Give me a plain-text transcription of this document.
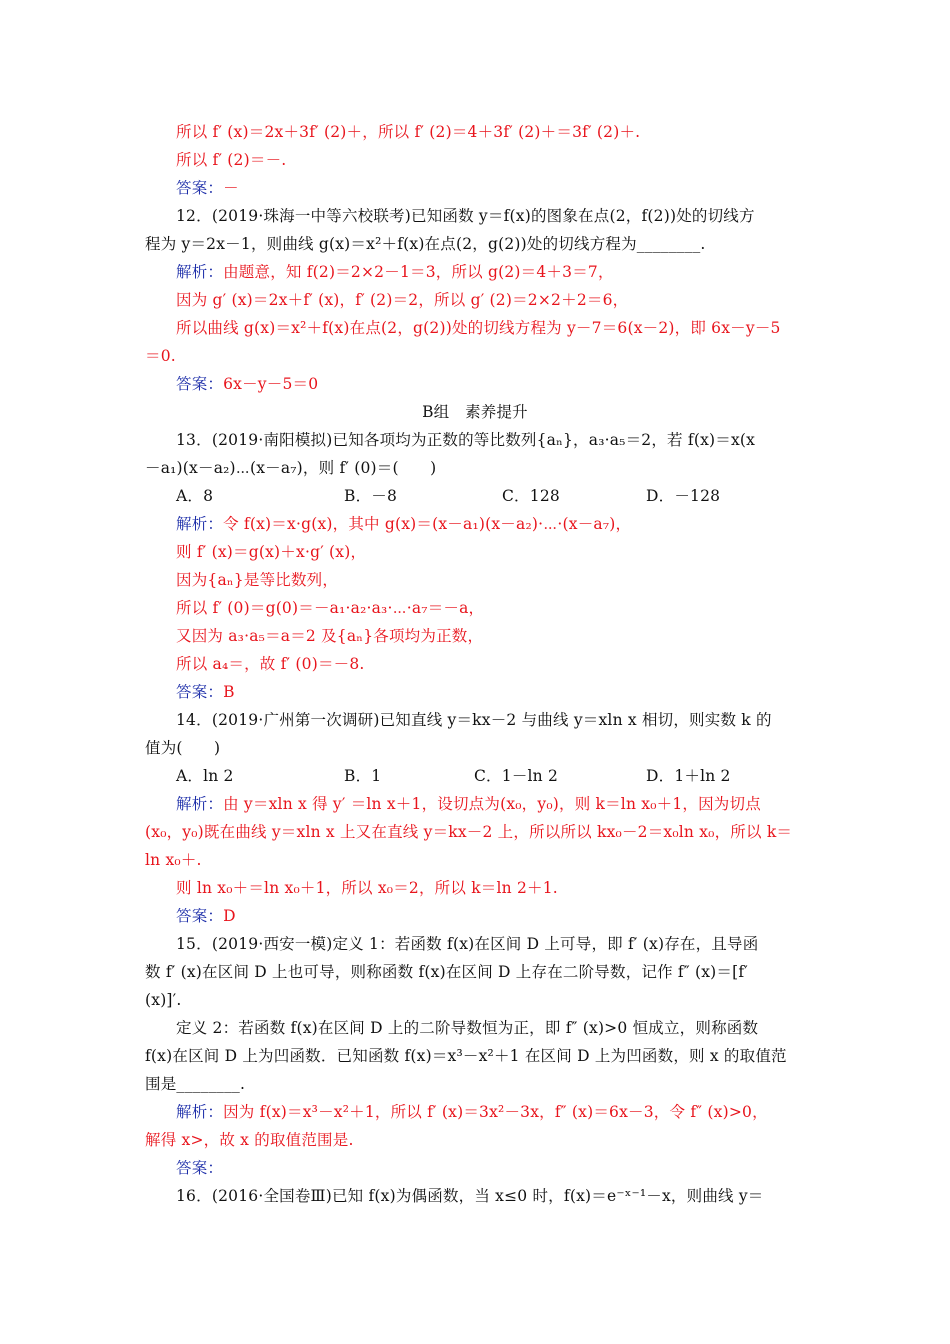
所以 f′ (x)＝2x＋3f′ (2)＋，所以 f′ (2)＝4＋3f′ (2)＋＝3f′ (2)＋.
所以 f′ (2)＝－.
答案：－
12．(2019·珠海一中等六校联考)已知函数 y＝f(x)的图象在点(2，f(2))处的切线方
程为 y＝2x－1，则曲线 g(x)＝x²＋f(x)在点(2，g(2))处的切线方程为________.
解析：由题意，知 f(2)＝2×2－1＝3，所以 g(2)＝4＋3＝7，
因为 g′ (x)＝2x＋f′ (x)，f′ (2)＝2，所以 g′ (2)＝2×2＋2＝6，
所以曲线 g(x)＝x²＋f(x)在点(2，g(2))处的切线方程为 y－7＝6(x－2)，即 6x－y－5
＝0.
答案：6x－y－5＝0
B组　素养提升
13．(2019·南阳模拟)已知各项均为正数的等比数列{aₙ}，a₃·a₅＝2，若 f(x)＝x(x
－a₁)(x－a₂)⋯(x－a₇)，则 f′ (0)＝(　　)
A．8	B．－8	C．128	D．－128
解析：令 f(x)＝x·g(x)，其中 g(x)＝(x－a₁)(x－a₂)·⋯·(x－a₇)，
则 f′ (x)＝g(x)＋x·g′ (x)，
因为{aₙ}是等比数列，
所以 f′ (0)＝g(0)＝－a₁·a₂·a₃·⋯·a₇＝－a，
又因为 a₃·a₅＝a＝2 及{aₙ}各项均为正数，
所以 a₄＝，故 f′ (0)＝－8.
答案：B
14．(2019·广州第一次调研)已知直线 y＝kx－2 与曲线 y＝xln x 相切，则实数 k 的
值为(　　)
A．ln 2	B．1	C．1－ln 2	D．1＋ln 2
解析：由 y＝xln x 得 y′ ＝ln x＋1，设切点为(x₀，y₀)，则 k＝ln x₀＋1，因为切点
(x₀，y₀)既在曲线 y＝xln x 上又在直线 y＝kx－2 上，所以所以 kx₀－2＝x₀ln x₀，所以 k＝
ln x₀＋.
则 ln x₀＋＝ln x₀＋1，所以 x₀＝2，所以 k＝ln 2＋1.
答案：D
15．(2019·西安一模)定义 1：若函数 f(x)在区间 D 上可导，即 f′ (x)存在，且导函
数 f′ (x)在区间 D 上也可导，则称函数 f(x)在区间 D 上存在二阶导数，记作 f″ (x)＝[f′
(x)]′.
定义 2：若函数 f(x)在区间 D 上的二阶导数恒为正，即 f″ (x)>0 恒成立，则称函数
f(x)在区间 D 上为凹函数．已知函数 f(x)＝x³－x²＋1 在区间 D 上为凹函数，则 x 的取值范
围是________.
解析：因为 f(x)＝x³－x²＋1，所以 f′ (x)＝3x²－3x，f″ (x)＝6x－3，令 f″ (x)>0，
解得 x>，故 x 的取值范围是.
答案：
16．(2016·全国卷Ⅲ)已知 f(x)为偶函数，当 x≤0 时，f(x)＝e⁻ˣ⁻¹－x，则曲线 y＝
